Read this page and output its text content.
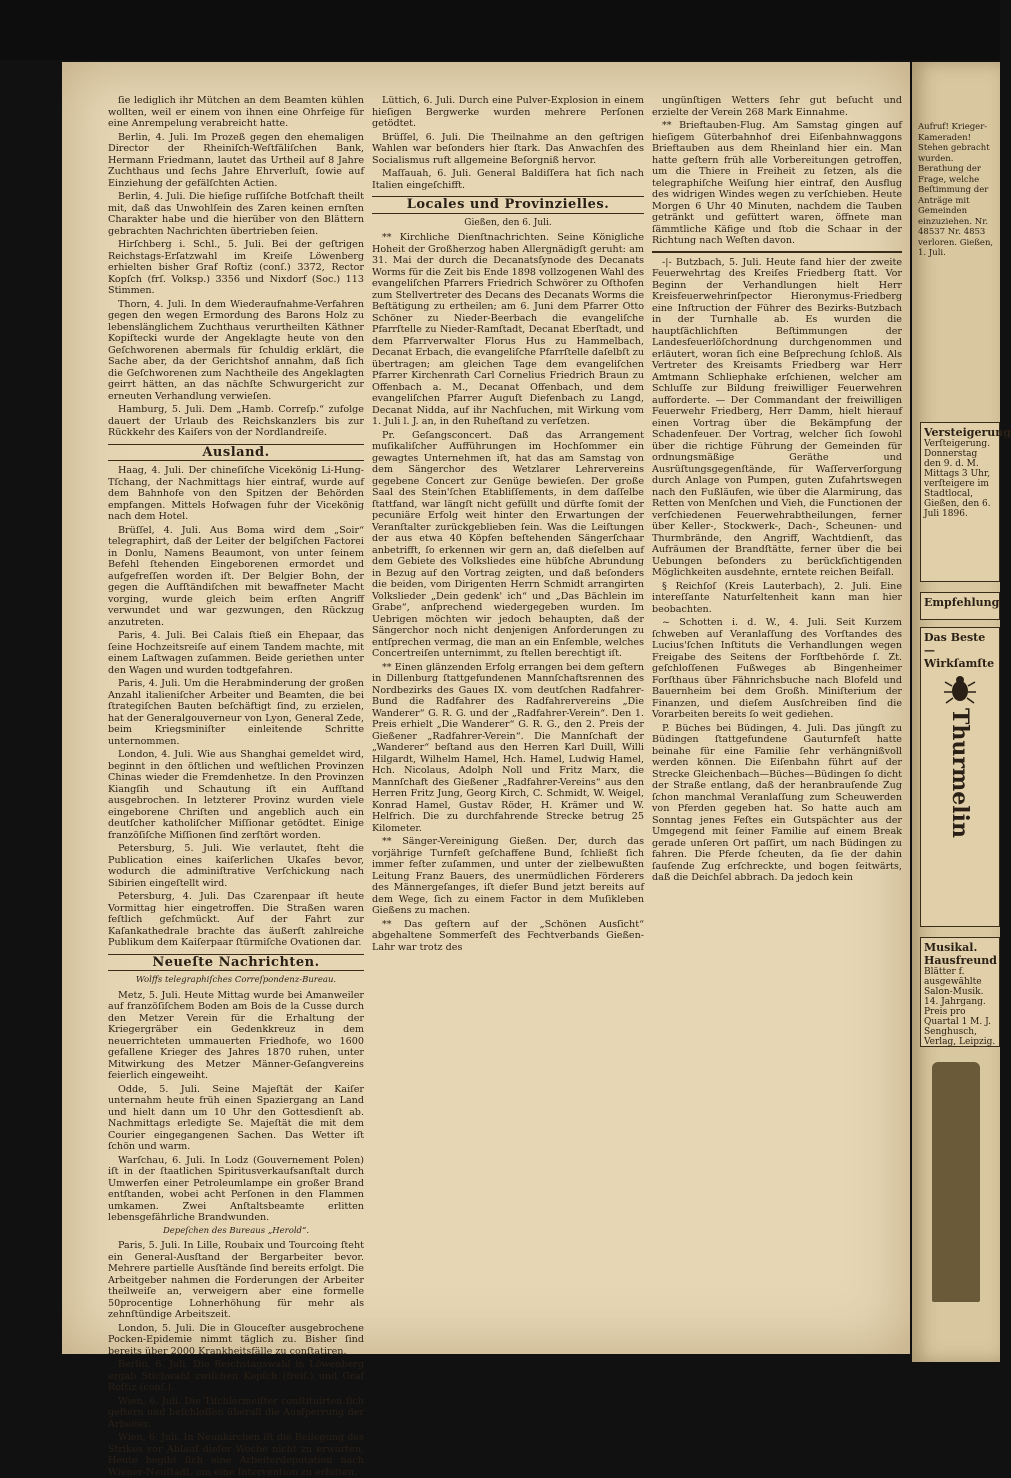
ſie lediglich ihr Mütchen an dem Beamten kühlen wollten, weil er einem von ihnen eine Ohrfeige für eine Anrempelung verabreicht hatte.

Berlin, 4. Juli. Im Prozeß gegen den ehemaligen Director der Rheiniſch-Weſtfäliſchen Bank, Hermann Friedmann, lautet das Urtheil auf 8 Jahre Zuchthaus und ſechs Jahre Ehrverluſt, ſowie auf Einziehung der gefälſchten Actien.

Berlin, 4. Juli. Die hieſige ruſſiſche Botſchaft theilt mit, daß das Unwohlſein des Zaren keinen ernſten Charakter habe und die hierüber von den Blättern gebrachten Nachrichten übertrieben ſeien.

Hirſchberg i. Schl., 5. Juli. Bei der geſtrigen Reichstags-Erſatzwahl im Kreiſe Löwenberg erhielten bisher Graf Roſtiz (conſ.) 3372, Rector Kopſch (frſ. Volksp.) 3356 und Nixdorf (Soc.) 113 Stimmen.

Thorn, 4. Juli. In dem Wiederaufnahme-Verfahren gegen den wegen Ermordung des Barons Holz zu lebenslänglichem Zuchthaus verurtheilten Käthner Kopiſtecki wurde der Angeklagte heute von den Geſchworenen abermals für ſchuldig erklärt, die Sache aber, da der Gerichtshof annahm, daß ſich die Geſchworenen zum Nachtheile des Angeklagten geirrt hätten, an das nächſte Schwurgericht zur erneuten Verhandlung verwieſen.

Hamburg, 5. Juli. Dem „Hamb. Correſp.“ zufolge dauert der Urlaub des Reichskanzlers bis zur Rückkehr des Kaiſers von der Nordlandreiſe.

Ausland.

Haag, 4. Juli. Der chineſiſche Vicekönig Li-Hung-Tſchang, der Nachmittags hier eintraf, wurde auf dem Bahnhofe von den Spitzen der Behörden empfangen. Mittels Hofwagen fuhr der Vicekönig nach dem Hotel.

Brüſſel, 4. Juli. Aus Boma wird dem „Soir“ telegraphirt, daß der Leiter der belgiſchen Factorei in Donlu, Namens Beaumont, von unter ſeinem Befehl ſtehenden Eingeborenen ermordet und aufgefreſſen worden iſt. Der Belgier Bohn, der gegen die Aufſtändiſchen mit bewaffneter Macht vorging, wurde gleich beim erſten Angriff verwundet und war gezwungen, den Rückzug anzutreten.

Paris, 4. Juli. Bei Calais ſtieß ein Ehepaar, das ſeine Hochzeitsreiſe auf einem Tandem machte, mit einem Laſtwagen zuſammen. Beide geriethen unter den Wagen und wurden todtgefahren.

Paris, 4. Juli. Um die Herabminderung der großen Anzahl italieniſcher Arbeiter und Beamten, die bei ſtrategiſchen Bauten beſchäftigt ſind, zu erzielen, hat der Generalgouverneur von Lyon, General Zede, beim Kriegsminiſter einleitende Schritte unternommen.

London, 4. Juli. Wie aus Shanghai gemeldet wird, beginnt in den öſtlichen und weſtlichen Provinzen Chinas wieder die Fremdenhetze. In den Provinzen Kiangſih und Schautung iſt ein Aufſtand ausgebrochen. In letzterer Provinz wurden viele eingeborene Chriſten und angeblich auch ein deutſcher katholiſcher Miſſionar getödtet. Einige franzöſiſche Miſſionen ſind zerſtört worden.

Petersburg, 5. Juli. Wie verlautet, ſteht die Publication eines kaiſerlichen Ukaſes bevor, wodurch die adminiſtrative Verſchickung nach Sibirien eingeſtellt wird.

Petersburg, 4. Juli. Das Czarenpaar iſt heute Vormittag hier eingetroffen. Die Straßen waren feſtlich geſchmückt. Auf der Fahrt zur Kaſankathedrale brachte das äußerſt zahlreiche Publikum dem Kaiſerpaar ſtürmiſche Ovationen dar.

Neueſte Nachrichten.
Wolffs telegraphiſches Correſpondenz-Bureau.

Metz, 5. Juli. Heute Mittag wurde bei Amanweiler auf franzöſiſchem Boden am Bois de la Cusse durch den Metzer Verein für die Erhaltung der Kriegergräber ein Gedenkkreuz in dem neuerrichteten ummauerten Friedhofe, wo 1600 gefallene Krieger des Jahres 1870 ruhen, unter Mitwirkung des Metzer Männer-Geſangvereins feierlich eingeweiht.

Odde, 5. Juli. Seine Majeſtät der Kaiſer unternahm heute früh einen Spaziergang an Land und hielt dann um 10 Uhr den Gottesdienſt ab. Nachmittags erledigte Se. Majeſtät die mit dem Courier eingegangenen Sachen. Das Wetter iſt ſchön und warm.

Warſchau, 6. Juli. In Lodz (Gouvernement Polen) iſt in der ſtaatlichen Spiritusverkaufsanſtalt durch Umwerfen einer Petroleumlampe ein großer Brand entſtanden, wobei acht Perſonen in den Flammen umkamen. Zwei Anſtaltsbeamte erlitten lebensgefährliche Brandwunden.

Depeſchen des Bureaus „Herold“.

Paris, 5. Juli. In Lille, Roubaix und Tourcoing ſteht ein General-Ausſtand der Bergarbeiter bevor. Mehrere partielle Ausſtände ſind bereits erfolgt. Die Arbeitgeber nahmen die Forderungen der Arbeiter theilweiſe an, verweigern aber eine formelle 50procentige Lohnerhöhung für mehr als zehnſtündige Arbeitszeit.

London, 5. Juli. Die in Glouceſter ausgebrochene Pocken-Epidemie nimmt täglich zu. Bisher ſind bereits über 2000 Krankheitsfälle zu conſtatiren.

Berlin, 6. Juli. Die Reichstagswahl in Löwenberg ergab Stichwahl zwiſchen Kopſch (freiſ.) und Graf Roſtiz (conſ.).

Wien, 6. Juli. Die Tiſchlermeiſter conſtituirten ſich geſtern und beſchloſſen überall die Ausſperrung der Arbeiter.

Wien, 6. Juli. In Neunkirchen iſt die Beilegung des Strikes vor Ablauf dieſer Woche nicht zu erwarten. Heute begibt ſich eine Arbeiterdeputation nach Wiener-Neuſtadt, um eine Intervention zu erbitten.

Lüttich, 6. Juli. Durch eine Pulver-Explosion in einem hieſigen Bergwerke wurden mehrere Perſonen getödtet.

Brüſſel, 6. Juli. Die Theilnahme an den geſtrigen Wahlen war beſonders hier ſtark. Das Anwachſen des Socialismus ruft allgemeine Beſorgniß hervor.

Maſſauah, 6. Juli. General Baldiſſera hat ſich nach Italien eingeſchifft.

Locales und Provinzielles.
Gießen, den 6. Juli.

** Kirchliche Dienſtnachrichten. Seine Königliche Hoheit der Großherzog haben Allergnädigſt geruht: am 31. Mai der durch die Decanatsſynode des Decanats Worms für die Zeit bis Ende 1898 vollzogenen Wahl des evangeliſchen Pfarrers Friedrich Schwörer zu Oſthofen zum Stellvertreter des Decans des Decanats Worms die Beſtätigung zu ertheilen; am 6. Juni dem Pfarrer Otto Schöner zu Nieder-Beerbach die evangeliſche Pfarrſtelle zu Nieder-Ramſtadt, Decanat Eberſtadt, und dem Pfarrverwalter Florus Hus zu Hammelbach, Decanat Erbach, die evangeliſche Pfarrſtelle daſelbſt zu übertragen; am gleichen Tage dem evangeliſchen Pfarrer Kirchenrath Carl Cornelius Friedrich Braun zu Offenbach a. M., Decanat Offenbach, und dem evangeliſchen Pfarrer Auguſt Diefenbach zu Langd, Decanat Nidda, auf ihr Nachſuchen, mit Wirkung vom 1. Juli l. J. an, in den Ruheſtand zu verſetzen.

Pr. Geſangsconcert. Daß das Arrangement muſikaliſcher Aufführungen im Hochſommer ein gewagtes Unternehmen iſt, hat das am Samstag von dem Sängerchor des Wetzlarer Lehrervereins gegebene Concert zur Genüge bewieſen. Der große Saal des Stein'ſchen Etabliſſements, in dem daſſelbe ſtattfand, war längſt nicht gefüllt und dürfte ſomit der pecuniäre Erfolg weit hinter den Erwartungen der Veranſtalter zurückgeblieben ſein. Was die Leiſtungen der aus etwa 40 Köpfen beſtehenden Sängerſchaar anbetrifft, ſo erkennen wir gern an, daß dieſelben auf dem Gebiete des Volksliedes eine hübſche Abrundung in Bezug auf den Vortrag zeigten, und daß beſonders die beiden, vom Dirigenten Herrn Schmidt arrangirten Volkslieder „Dein gedenk' ich“ und „Das Bächlein im Grabe“, anſprechend wiedergegeben wurden. Im Uebrigen möchten wir jedoch behaupten, daß der Sängerchor noch nicht denjenigen Anforderungen zu entſprechen vermag, die man an ein Enſemble, welches Concertreiſen unternimmt, zu ſtellen berechtigt iſt.

** Einen glänzenden Erfolg errangen bei dem geſtern in Dillenburg ſtattgefundenen Mannſchaftsrennen des Nordbezirks des Gaues IX. vom deutſchen Radfahrer-Bund die Radfahrer des Radfahrervereins „Die Wanderer“ G. R. G. und der „Radfahrer-Verein“. Den 1. Preis erhielt „Die Wanderer“ G. R. G., den 2. Preis der Gießener „Radfahrer-Verein“. Die Mannſchaft der „Wanderer“ beſtand aus den Herren Karl Duill, Willi Hilgardt, Wilhelm Hamel, Hch. Hamel, Ludwig Hamel, Hch. Nicolaus, Adolph Noll und Fritz Marx, die Mannſchaft des Gießener „Radfahrer-Vereins“ aus den Herren Fritz Jung, Georg Kirch, C. Schmidt, W. Weigel, Konrad Hamel, Gustav Röder, H. Krämer und W. Helfrich. Die zu durchfahrende Strecke betrug 25 Kilometer.

** Sänger-Vereinigung Gießen. Der, durch das vorjährige Turnfeſt geſchaffene Bund, ſchließt ſich immer feſter zuſammen, und unter der zielbewußten Leitung Franz Bauers, des unermüdlichen Förderers des Männergeſanges, iſt dieſer Bund jetzt bereits auf dem Wege, ſich zu einem Factor in dem Muſikleben Gießens zu machen.

** Das geſtern auf der „Schönen Ausſicht“ abgehaltene Sommerfeſt des Fechtverbands Gießen-Lahr war trotz des

ungünſtigen Wetters ſehr gut beſucht und erzielte der Verein 268 Mark Einnahme.

** Brieftauben-Flug. Am Samstag gingen auf hieſigem Güterbahnhof drei Eiſenbahnwaggons Brieftauben aus dem Rheinland hier ein. Man hatte geſtern früh alle Vorbereitungen getroffen, um die Thiere in Freiheit zu ſetzen, als die telegraphiſche Weiſung hier eintraf, den Ausflug des widrigen Windes wegen zu verſchieben. Heute Morgen 6 Uhr 40 Minuten, nachdem die Tauben getränkt und gefüttert waren, öffnete man ſämmtliche Käfige und ſtob die Schaar in der Richtung nach Weſten davon.

-|- Butzbach, 5. Juli. Heute fand hier der zweite Feuerwehrtag des Kreiſes Friedberg ſtatt. Vor Beginn der Verhandlungen hielt Herr Kreisfeuerwehrinſpector Hieronymus-Friedberg eine Inſtruction der Führer des Bezirks-Butzbach in der Turnhalle ab. Es wurden die hauptſächlichſten Beſtimmungen der Landesfeuerlöſchordnung durchgenommen und erläutert, woran ſich eine Beſprechung ſchloß. Als Vertreter des Kreisamts Friedberg war Herr Amtmann Schliephake erſchienen, welcher am Schluſſe zur Bildung freiwilliger Feuerwehren aufforderte. — Der Commandant der freiwilligen Feuerwehr Friedberg, Herr Damm, hielt hierauf einen Vortrag über die Bekämpfung der Schadenfeuer. Der Vortrag, welcher ſich ſowohl über die richtige Führung der Gemeinden für ordnungsmäßige Geräthe und Ausrüſtungsgegenſtände, für Waſſerverſorgung durch Anlage von Pumpen, guten Zufahrtswegen nach den Fußläufen, wie über die Alarmirung, das Retten von Menſchen und Vieh, die Functionen der verſchiedenen Feuerwehrabtheilungen, ferner über Keller-, Stockwerk-, Dach-, Scheunen- und Thurmbrände, den Angriff, Wachtdienſt, das Aufräumen der Brandſtätte, ferner über die bei Uebungen beſonders zu berückſichtigenden Möglichkeiten ausdehnte, erntete reichen Beifall.

§ Reichſoſ (Kreis Lauterbach), 2. Juli. Eine intereſſante Naturſeltenheit kann man hier beobachten.

~ Schotten i. d. W., 4. Juli. Seit Kurzem ſchweben auf Veranlaſſung des Vorſtandes des Lucius'ſchen Inſtituts die Verhandlungen wegen Freigabe des Seitens der Forſtbehörde ſ. Zt. geſchloſſenen Fußweges ab Bingenheimer Forſthaus über Fähnrichsbuche nach Blofeld und Bauernheim bei dem Großh. Miniſterium der Finanzen, und dieſem Ausſchreiben ſind die Vorarbeiten bereits ſo weit gediehen.

P. Büches bei Büdingen, 4. Juli. Das jüngſt zu Büdingen ſtattgefundene Gauturnfeſt hatte beinahe für eine Familie ſehr verhängnißvoll werden können. Die Eiſenbahn führt auf der Strecke Gleichenbach—Büches—Büdingen ſo dicht der Straße entlang, daß der heranbrauſende Zug ſchon manchmal Veranlaſſung zum Scheuwerden von Pferden gegeben hat. So hatte auch am Sonntag jenes Feſtes ein Gutspächter aus der Umgegend mit ſeiner Familie auf einem Break gerade unſeren Ort paſſirt, um nach Büdingen zu fahren. Die Pferde ſcheuten, da ſie der dahin ſauſende Zug erſchreckte, und bogen ſeitwärts, daß die Deichſel abbrach. Da jedoch kein

Aufruf! Krieger-Kameraden! Stehen gebracht wurden. Berathung der Frage, welche Beſtimmung der Anträge mit Gemeinden einzuziehen. Nr. 48537 Nr. 4853 verloren. Gießen, 1. Juli.
Versteigerung
Verſteigerung. Donnerstag den 9. d. M. Mittags 3 Uhr, verſteigere im Stadtlocal, Gießen, den 6. Juli 1896.
Empfehlung
Das Beste — Wirkſamſte
Thurmelin
Musikal. Hausfreund
Blätter f. ausgewählte Salon-Musik. 14. Jahrgang. Preis pro Quartal 1 M. J. Senghusch, Verlag, Leipzig.
